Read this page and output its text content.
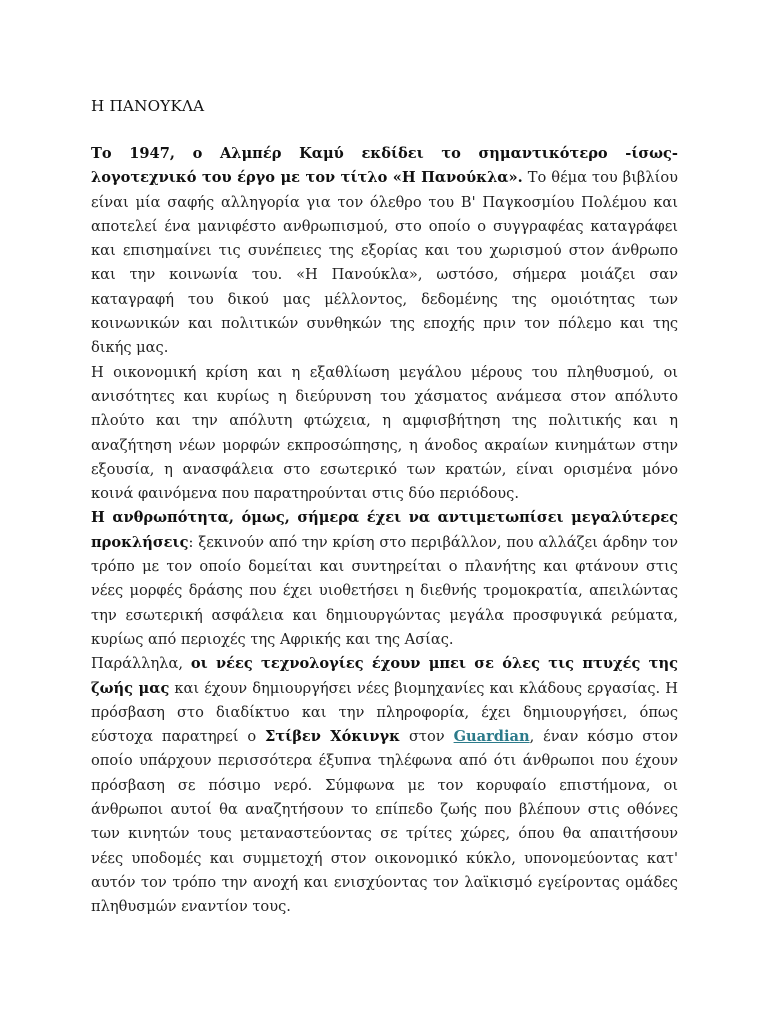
Η ΠΑΝΟΥΚΛΑ

Το 1947, ο Αλμπέρ Καμύ εκδίδει το σημαντικότερο -ίσως- λογοτεχνικό του έργο με τον τίτλο «Η Πανούκλα». Το θέμα του βιβλίου είναι μία σαφής αλληγορία για τον όλεθρο του Β' Παγκοσμίου Πολέμου και αποτελεί ένα μανιφέστο ανθρωπισμού, στο οποίο ο συγγραφέας καταγράφει και επισημαίνει τις συνέπειες της εξορίας και του χωρισμού στον άνθρωπο και την κοινωνία του. «Η Πανούκλα», ωστόσο, σήμερα μοιάζει σαν καταγραφή του δικού μας μέλλοντος, δεδομένης της ομοιότητας των κοινωνικών και πολιτικών συνθηκών της εποχής πριν τον πόλεμο και της δικής μας.

Η οικονομική κρίση και η εξαθλίωση μεγάλου μέρους του πληθυσμού, οι ανισότητες και κυρίως η διεύρυνση του χάσματος ανάμεσα στον απόλυτο πλούτο και την απόλυτη φτώχεια, η αμφισβήτηση της πολιτικής και η αναζήτηση νέων μορφών εκπροσώπησης, η άνοδος ακραίων κινημάτων στην εξουσία, η ανασφάλεια στο εσωτερικό των κρατών, είναι ορισμένα μόνο κοινά φαινόμενα που παρατηρούνται στις δύο περιόδους.

Η ανθρωπότητα, όμως, σήμερα έχει να αντιμετωπίσει μεγαλύτερες προκλήσεις: ξεκινούν από την κρίση στο περιβάλλον, που αλλάζει άρδην τον τρόπο με τον οποίο δομείται και συντηρείται ο πλανήτης και φτάνουν στις νέες μορφές δράσης που έχει υιοθετήσει η διεθνής τρομοκρατία, απειλώντας την εσωτερική ασφάλεια και δημιουργώντας μεγάλα προσφυγικά ρεύματα, κυρίως από περιοχές της Αφρικής και της Ασίας.

Παράλληλα, οι νέες τεχνολογίες έχουν μπει σε όλες τις πτυχές της ζωής μας και έχουν δημιουργήσει νέες βιομηχανίες και κλάδους εργασίας. Η πρόσβαση στο διαδίκτυο και την πληροφορία, έχει δημιουργήσει, όπως εύστοχα παρατηρεί ο Στίβεν Χόκινγκ στον Guardian, έναν κόσμο στον οποίο υπάρχουν περισσότερα έξυπνα τηλέφωνα από ότι άνθρωποι που έχουν πρόσβαση σε πόσιμο νερό. Σύμφωνα με τον κορυφαίο επιστήμονα, οι άνθρωποι αυτοί θα αναζητήσουν το επίπεδο ζωής που βλέπουν στις οθόνες των κινητών τους μεταναστεύοντας σε τρίτες χώρες, όπου θα απαιτήσουν νέες υποδομές και συμμετοχή στον οικονομικό κύκλο, υπονομεύοντας κατ' αυτόν τον τρόπο την ανοχή και ενισχύοντας τον λαϊκισμό εγείροντας ομάδες πληθυσμών εναντίον τους.
